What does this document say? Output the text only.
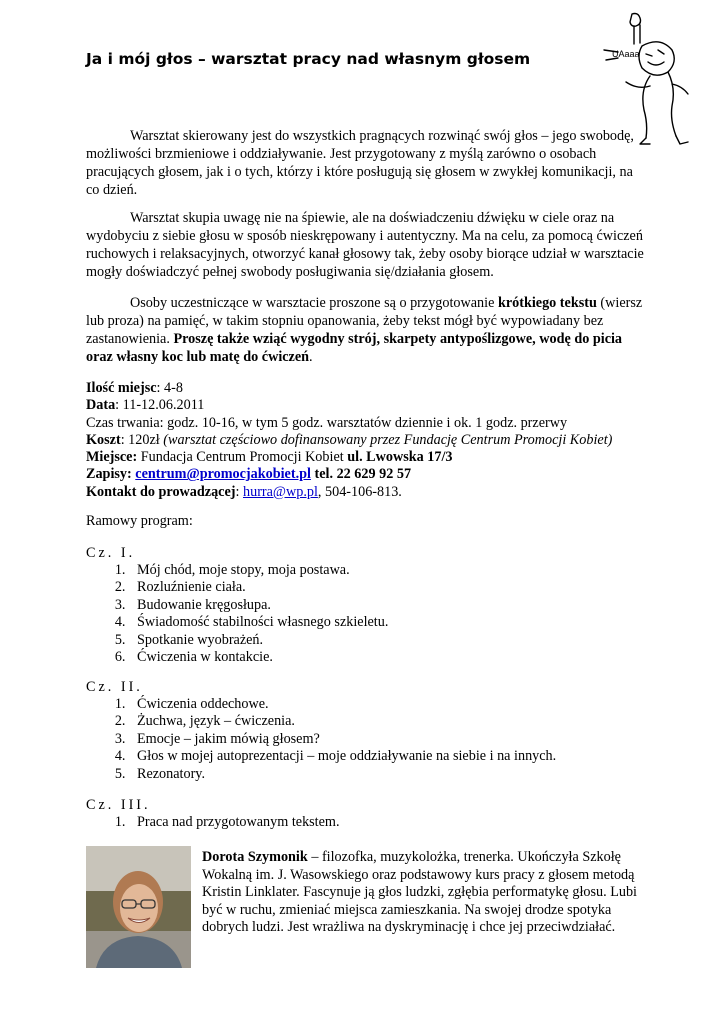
Ja i mój głos – warsztat pracy nad własnym głosem	UAaaa

Warsztat skierowany jest do wszystkich pragnących rozwinąć swój głos – jego swobodę, możliwości brzmieniowe i oddziaływanie. Jest przygotowany z myślą zarówno o osobach pracujących głosem, jak i o tych, którzy i które posługują się głosem w zwykłej komunikacji, na co dzień.

Warsztat skupia uwagę nie na śpiewie, ale na doświadczeniu dźwięku w ciele oraz na wydobyciu z siebie głosu w sposób nieskrępowany i autentyczny. Ma na celu, za pomocą ćwiczeń ruchowych i relaksacyjnych, otworzyć kanał głosowy tak, żeby osoby biorące udział w warsztacie mogły doświadczyć pełnej swobody posługiwania się/działania głosem.

Osoby uczestniczące w warsztacie proszone są o przygotowanie krótkiego tekstu (wiersz lub proza) na pamięć, w takim stopniu opanowania, żeby tekst mógł być wypowiadany bez zastanowienia. Proszę także wziąć wygodny strój, skarpety antypoślizgowe, wodę do picia oraz własny koc lub matę do ćwiczeń.

Ilość miejsc: 4-8
Data: 11-12.06.2011
Czas trwania: godz. 10-16, w tym 5 godz. warsztatów dziennie i ok. 1 godz. przerwy
Koszt: 120zł (warsztat częściowo dofinansowany przez Fundację Centrum Promocji Kobiet)
Miejsce: Fundacja Centrum Promocji Kobiet ul. Lwowska 17/3
Zapisy: centrum@promocjakobiet.pl tel. 22 629 92 57
Kontakt do prowadzącej: hurra@wp.pl, 504-106-813.

Ramowy program:

Cz. I.
1. Mój chód, moje stopy, moja postawa.
2. Rozluźnienie ciała.
3. Budowanie kręgosłupa.
4. Świadomość stabilności własnego szkieletu.
5. Spotkanie wyobrażeń.
6. Ćwiczenia w kontakcie.
Cz. II.
1. Ćwiczenia oddechowe.
2. Żuchwa, język – ćwiczenia.
3. Emocje – jakim mówią głosem?
4. Głos w mojej autoprezentacji – moje oddziaływanie na siebie i na innych.
5. Rezonatory.
Cz. III.
1. Praca nad przygotowanym tekstem.

Dorota Szymonik – filozofka, muzykolożka, trenerka. Ukończyła Szkołę Wokalną im. J. Wasowskiego oraz podstawowy kurs pracy z głosem metodą Kristin Linklater. Fascynuje ją głos ludzki, zgłębia performatykę głosu. Lubi być w ruchu, zmieniać miejsca zamieszkania. Na swojej drodze spotyka dobrych ludzi. Jest wrażliwa na dyskryminację i chce jej przeciwdziałać.
